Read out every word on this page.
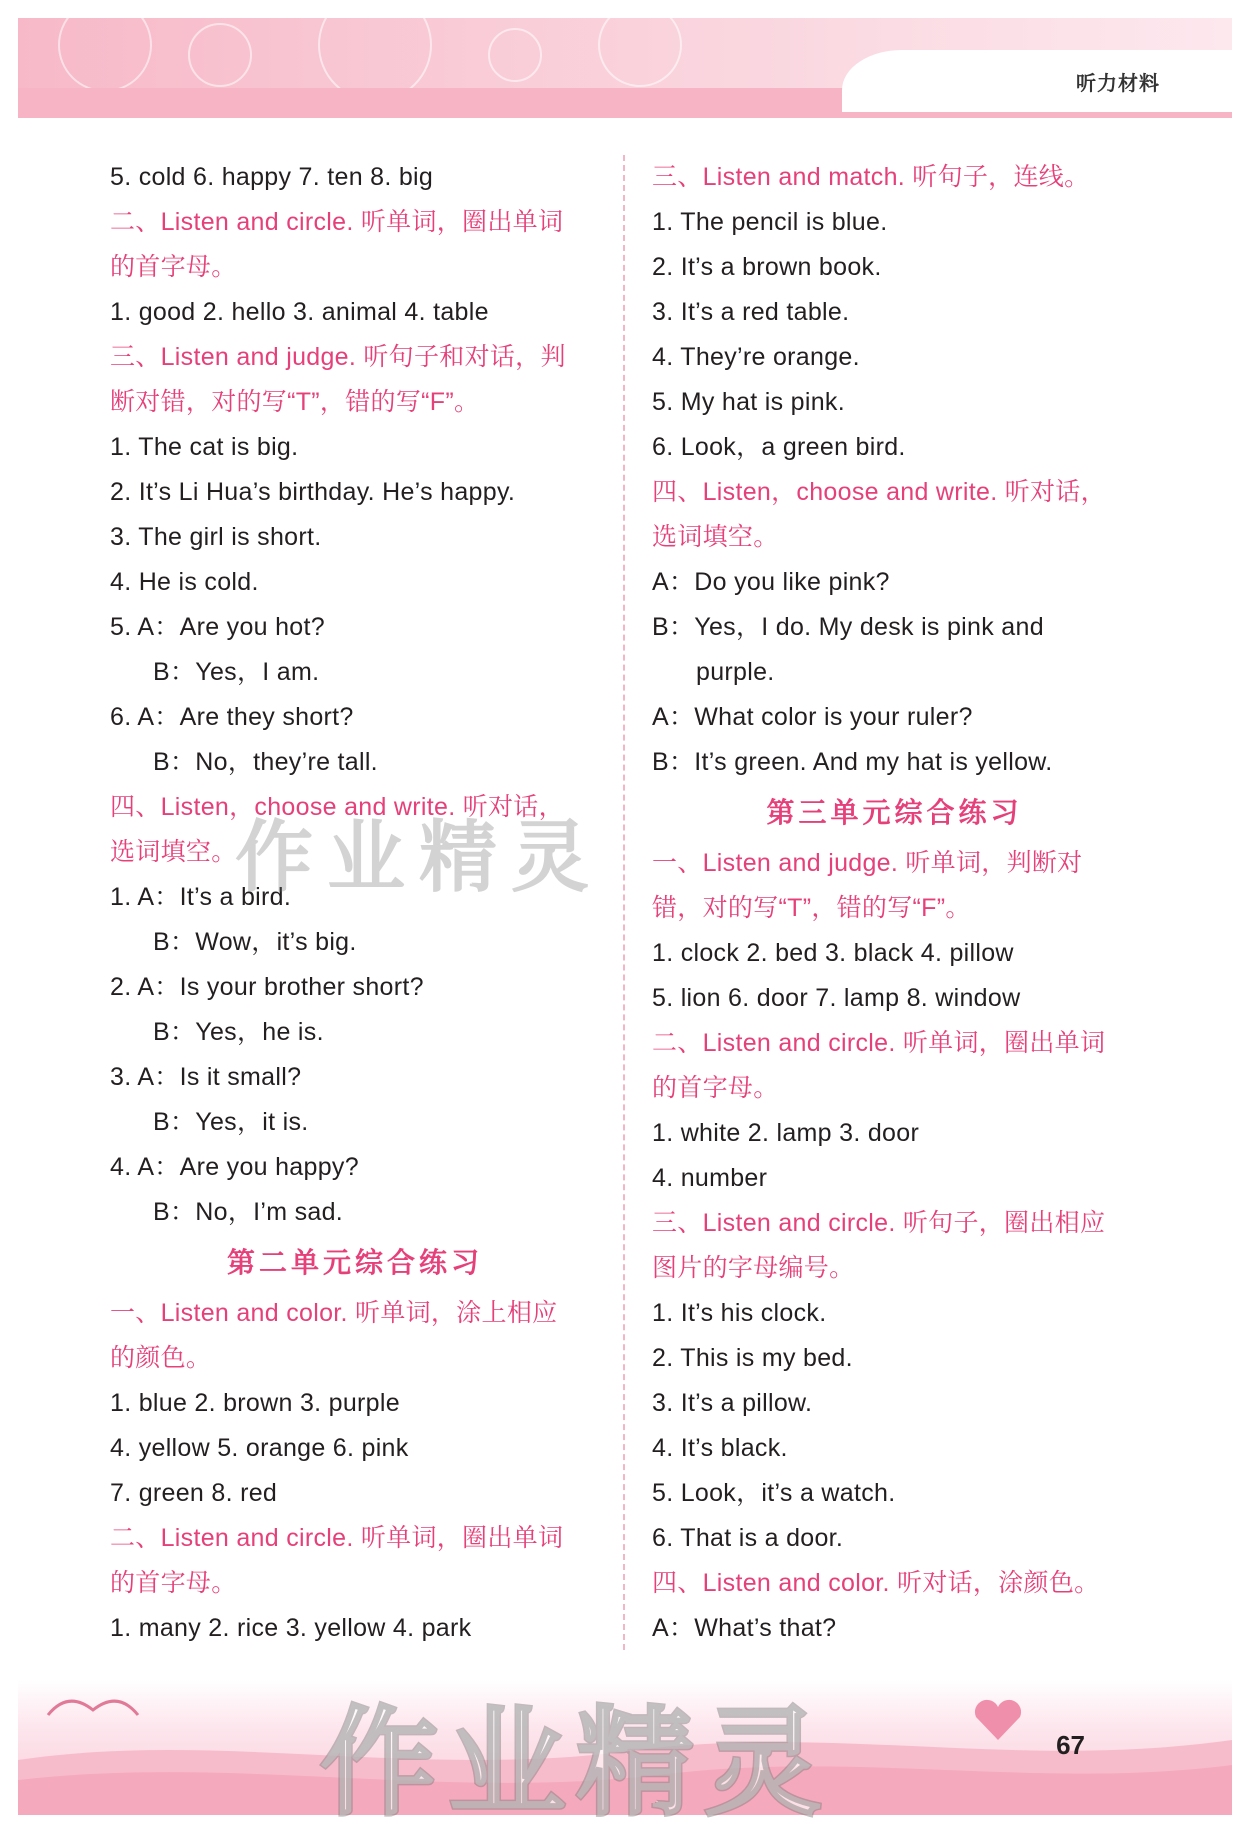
听力材料
5. cold 6. happy 7. ten 8. big
二、Listen and circle. 听单词，圈出单词
的首字母。
1. good 2. hello 3. animal 4. table
三、Listen and judge. 听句子和对话，判
断对错，对的写“T”，错的写“F”。
1. The cat is big.
2. It’s Li Hua’s birthday. He’s happy.
3. The girl is short.
4. He is cold.
5. A：Are you hot?
B：Yes，I am.
6. A：Are they short?
B：No，they’re tall.
四、Listen，choose and write. 听对话，
选词填空。
1. A：It’s a bird.
B：Wow，it’s big.
2. A：Is your brother short?
B：Yes，he is.
3. A：Is it small?
B：Yes，it is.
4. A：Are you happy?
B：No，I’m sad.
第二单元综合练习
一、Listen and color. 听单词，涂上相应
的颜色。
1. blue 2. brown 3. purple
4. yellow 5. orange 6. pink
7. green 8. red
二、Listen and circle. 听单词，圈出单词
的首字母。
1. many 2. rice 3. yellow 4. park
三、Listen and match. 听句子，连线。
1. The pencil is blue.
2. It’s a brown book.
3. It’s a red table.
4. They’re orange.
5. My hat is pink.
6. Look，a green bird.
四、Listen，choose and write. 听对话，
选词填空。
A：Do you like pink?
B：Yes，I do. My desk is pink and
purple.
A：What color is your ruler?
B：It’s green. And my hat is yellow.
第三单元综合练习
一、Listen and judge. 听单词，判断对
错，对的写“T”，错的写“F”。
1. clock 2. bed 3. black 4. pillow
5. lion 6. door 7. lamp 8. window
二、Listen and circle. 听单词，圈出单词
的首字母。
1. white 2. lamp 3. door
4. number
三、Listen and circle. 听句子，圈出相应
图片的字母编号。
1. It’s his clock.
2. This is my bed.
3. It’s a pillow.
4. It’s black.
5. Look，it’s a watch.
6. That is a door.
四、Listen and color. 听对话，涂颜色。
A：What’s that?
作业精灵
作业精灵	67
